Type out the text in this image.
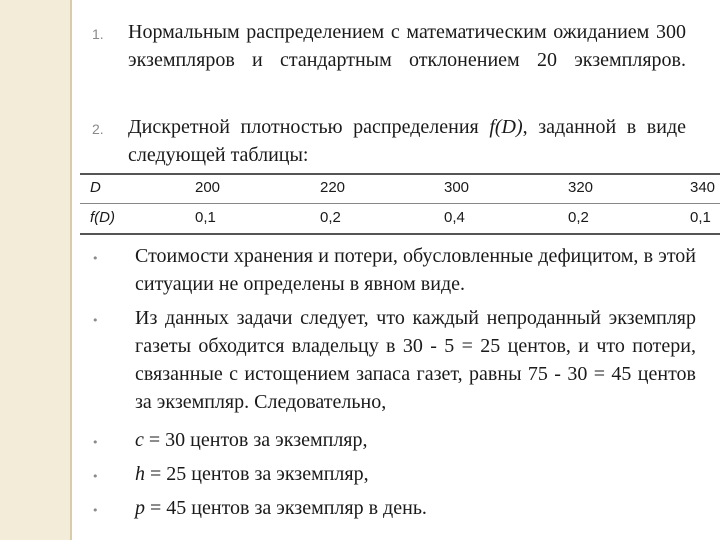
1. Нормальным распределением с математическим ожиданием 300 экземпляров и стандартным отклонением 20 экземпляров.
2. Дискретной плотностью распределения f(D), заданной в виде следующей таблицы:
D	200	220	300	320	340
f(D)	0,1	0,2	0,4	0,2	0,1
• Стоимости хранения и потери, обусловленные дефицитом, в этой ситуации не определены в явном виде.
• Из данных задачи следует, что каждый непроданный экземпляр газеты обходится владельцу в 30 - 5 = 25 центов, и что потери, связанные с истощением запаса газет, равны 75 - 30 = 45 центов за экземпляр. Следовательно,
• c = 30 центов за экземпляр,
• h = 25 центов за экземпляр,
• p = 45 центов за экземпляр в день.
